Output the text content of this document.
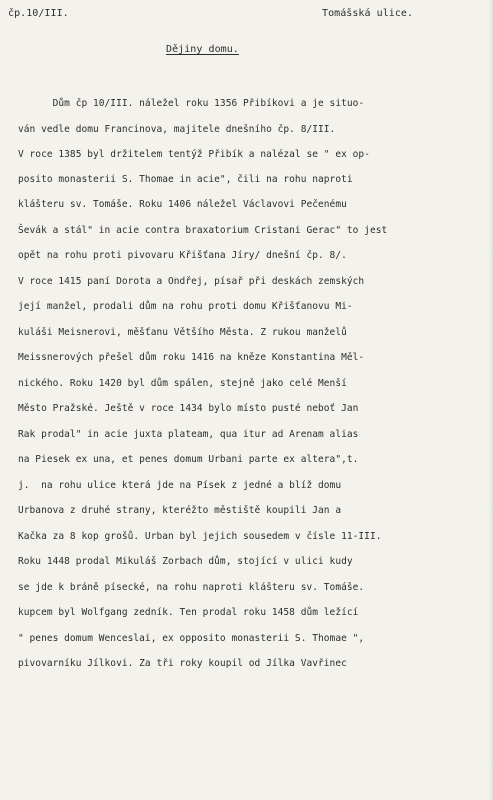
čp.10/III.	Tomášská ulice.
Dějiny domu.
Dům čp 10/III. náležel roku 1356 Přibíkovi a je situo-
ván vedle domu Francinova, majitele dnešního čp. 8/III.
V roce 1385 byl držitelem tentýž Přibík a nalézal se " ex op-
posito monasterii S. Thomae in acie", čili na rohu naproti
klášteru sv. Tomáše. Roku 1406 náležel Václavovi Pečenému
Ševák a stál" in acie contra braxatorium Cristani Gerac" to jest
opět na rohu proti pivovaru Křišťana Jíry/ dnešní čp. 8/.
V roce 1415 paní Dorota a Ondřej, písař při deskách zemských
její manžel, prodali dům na rohu proti domu Křišťanovu Mi-
kuláši Meisnerovi, měšťanu Většího Města. Z rukou manželů
Meissnerových přešel dům roku 1416 na kněze Konstantina Měl-
nického. Roku 1420 byl dům spálen, stejně jako celé Menší
Město Pražské. Ještě v roce 1434 bylo místo pusté neboť Jan
Rak prodal" in acie juxta plateam, qua itur ad Arenam alias
na Piesek ex una, et penes domum Urbani parte ex altera",t.
j.  na rohu ulice která jde na Písek z jedné a blíž domu
Urbanova z druhé strany, kteréžto městiště koupili Jan a
Kačka za 8 kop grošů. Urban byl jejich sousedem v čísle 11-III.
Roku 1448 prodal Mikuláš Zorbach dům, stojící v ulici kudy
se jde k bráně písecké, na rohu naproti klášteru sv. Tomáše.
kupcem byl Wolfgang zedník. Ten prodal roku 1458 dům ležící
" penes domum Wenceslai, ex opposito monasterii S. Thomae ",
pivovarníku Jílkovi. Za tři roky koupil od Jílka Vavřinec
